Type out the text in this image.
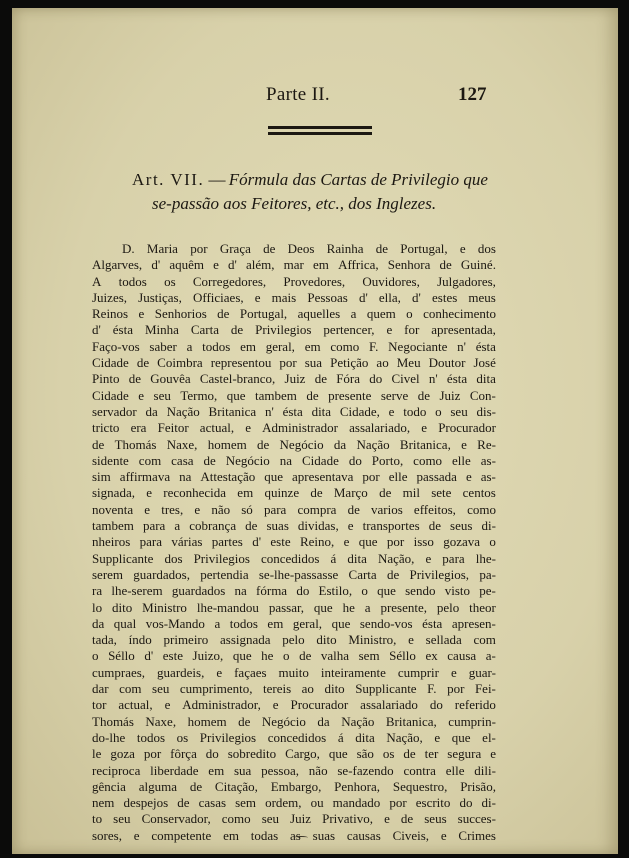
Parte II.	127
Art. VII. — Fórmula das Cartas de Privilegio que
se-passão aos Feitores, etc., dos Inglezes.
D. Maria por Graça de Deos Rainha de Portugal, e dos
Algarves, d' aquêm e d' além, mar em Affrica, Senhora de Guiné.
A todos os Corregedores, Provedores, Ouvidores, Julgadores,
Juizes, Justiças, Officiaes, e mais Pessoas d' ella, d' estes meus
Reinos e Senhorios de Portugal, aquelles a quem o conhecimento
d' ésta Minha Carta de Privilegios pertencer, e for apresentada,
Faço-vos saber a todos em geral, em como F. Negociante n' ésta
Cidade de Coimbra representou por sua Petição ao Meu Doutor José
Pinto de Gouvêa Castel-branco, Juiz de Fóra do Civel n' ésta dita
Cidade e seu Termo, que tambem de presente serve de Juiz Con-
servador da Nação Britanica n' ésta dita Cidade, e todo o seu dis-
tricto era Feitor actual, e Administrador assalariado, e Procurador
de Thomás Naxe, homem de Negócio da Nação Britanica, e Re-
sidente com casa de Negócio na Cidade do Porto, como elle as-
sim affirmava na Attestação que apresentava por elle passada e as-
signada, e reconhecida em quinze de Março de mil sete centos
noventa e tres, e não só para compra de varios effeitos, como
tambem para a cobrança de suas dividas, e transportes de seus di-
nheiros para várias partes d' este Reino, e que por isso gozava o
Supplicante dos Privilegios concedidos á dita Nação, e para lhe-
serem guardados, pertendia se-lhe-passasse Carta de Privilegios, pa-
ra lhe-serem guardados na fórma do Estilo, o que sendo visto pe-
lo dito Ministro lhe-mandou passar, que he a presente, pelo theor
da qual vos-Mando a todos em geral, que sendo-vos ésta apresen-
tada, índo primeiro assignada pelo dito Ministro, e sellada com
o Séllo d' este Juizo, que he o de valha sem Séllo ex causa a-
cumpraes, guardeis, e façaes muito inteiramente cumprir e guar-
dar com seu cumprimento, tereis ao dito Supplicante F. por Fei-
tor actual, e Administrador, e Procurador assalariado do referido
Thomás Naxe, homem de Negócio da Nação Britanica, cumprin-
do-lhe todos os Privilegios concedidos á dita Nação, e que el-
le goza por fôrça do sobredito Cargo, que são os de ter segura e
reciproca liberdade em sua pessoa, não se-fazendo contra elle dili-
gência alguma de Citação, Embargo, Penhora, Sequestro, Prisão,
nem despejos de casas sem ordem, ou mandado por escrito do di-
to seu Conservador, como seu Juiz Privativo, e de seus succes-
sores, e competente em todas as suas causas Civeis, e Crimes
